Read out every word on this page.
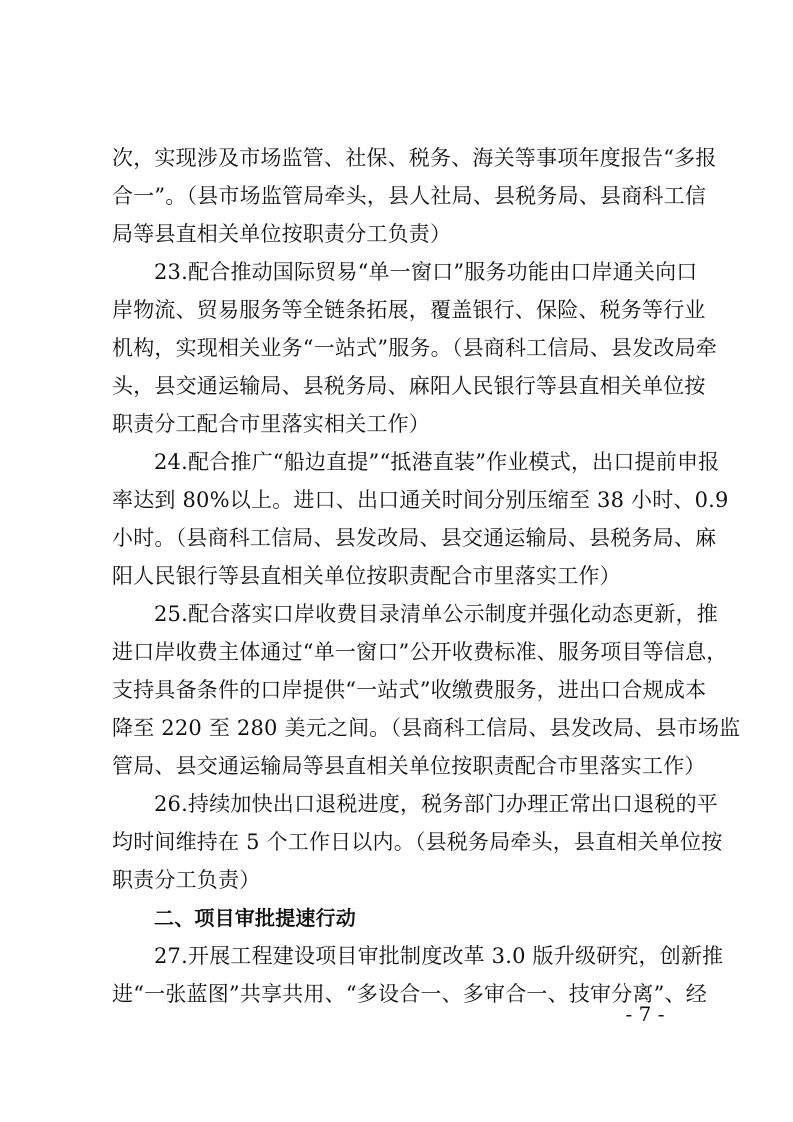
次，实现涉及市场监管、社保、税务、海关等事项年度报告“多报
合一”。（县市场监管局牵头，县人社局、县税务局、县商科工信
局等县直相关单位按职责分工负责）
23.配合推动国际贸易“单一窗口”服务功能由口岸通关向口
岸物流、贸易服务等全链条拓展，覆盖银行、保险、税务等行业
机构，实现相关业务“一站式”服务。（县商科工信局、县发改局牵
头，县交通运输局、县税务局、麻阳人民银行等县直相关单位按
职责分工配合市里落实相关工作）
24.配合推广“船边直提”“抵港直装”作业模式，出口提前申报
率达到 80%以上。进口、出口通关时间分别压缩至 38 小时、0.9
小时。（县商科工信局、县发改局、县交通运输局、县税务局、麻
阳人民银行等县直相关单位按职责配合市里落实工作）
25.配合落实口岸收费目录清单公示制度并强化动态更新，推
进口岸收费主体通过“单一窗口”公开收费标准、服务项目等信息，
支持具备条件的口岸提供“一站式”收缴费服务，进出口合规成本
降至 220 至 280 美元之间。（县商科工信局、县发改局、县市场监
管局、县交通运输局等县直相关单位按职责配合市里落实工作）
26.持续加快出口退税进度，税务部门办理正常出口退税的平
均时间维持在 5 个工作日以内。（县税务局牵头，县直相关单位按
职责分工负责）
二、项目审批提速行动
27.开展工程建设项目审批制度改革 3.0 版升级研究，创新推
进“一张蓝图”共享共用、“多设合一、多审合一、技审分离”、经
- 7 -
